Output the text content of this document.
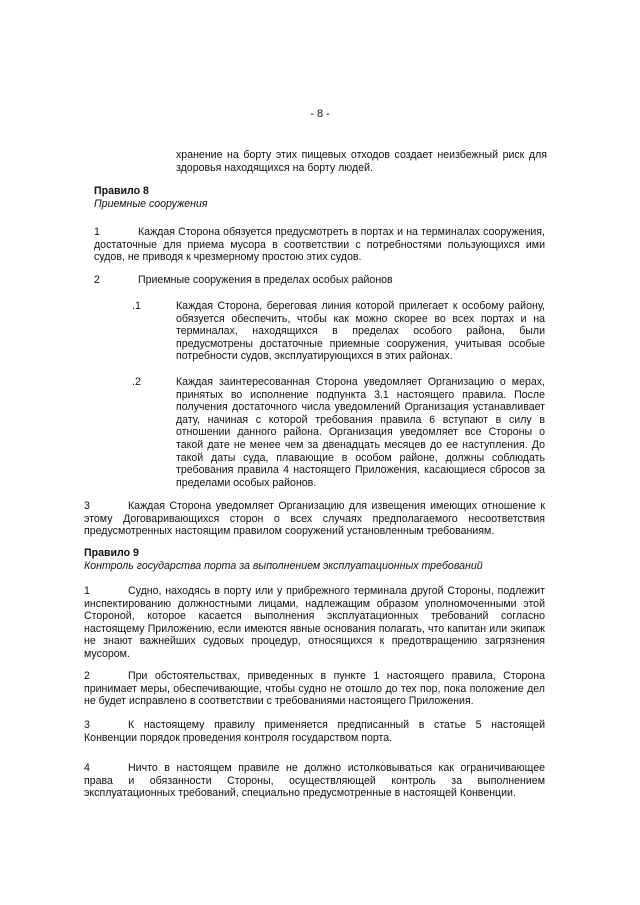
- 8 -

хранение на борту этих пищевых отходов создает неизбежный риск для здоровья находящихся на борту людей.

Правило 8

Приемные сооружения

1	Каждая Сторона обязуется предусмотреть в портах и на терминалах сооружения, достаточные для приема мусора в соответствии с потребностями пользующихся ими судов, не приводя к чрезмерному простою этих судов.

2	Приемные сооружения в пределах особых районов

.1	Каждая Сторона, береговая линия которой прилегает к особому району, обязуется обеспечить, чтобы как можно скорее во всех портах и на терминалах, находящихся в пределах особого района, были предусмотрены достаточные приемные сооружения, учитывая особые потребности судов, эксплуатирующихся в этих районах.

.2	Каждая заинтересованная Сторона уведомляет Организацию о мерах, принятых во исполнение подпункта 3.1 настоящего правила. После получения достаточного числа уведомлений Организация устанавливает дату, начиная с которой требования правила 6 вступают в силу в отношении данного района. Организация уведомляет все Стороны о такой дате не менее чем за двенадцать месяцев до ее наступления. До такой даты суда, плавающие в особом районе, должны соблюдать требования правила 4 настоящего Приложения, касающиеся сбросов за пределами особых районов.

3	Каждая Сторона уведомляет Организацию для извещения имеющих отношение к этому Договаривающихся сторон о всех случаях предполагаемого несоответствия предусмотренных настоящим правилом сооружений установленным требованиям.

Правило 9

Контроль государства порта за выполнением эксплуатационных требований

1	Судно, находясь в порту или у прибрежного терминала другой Стороны, подлежит инспектированию должностными лицами, надлежащим образом уполномоченными этой Стороной, которое касается выполнения эксплуатационных требований согласно настоящему Приложению, если имеются явные основания полагать, что капитан или экипаж не знают важнейших судовых процедур, относящихся к предотвращению загрязнения мусором.

2	При обстоятельствах, приведенных в пункте 1 настоящего правила, Сторона принимает меры, обеспечивающие, чтобы судно не отошло до тех пор, пока положение дел не будет исправлено в соответствии с требованиями настоящего Приложения.

3	К настоящему правилу применяется предписанный в статье 5 настоящей Конвенции порядок проведения контроля государством порта.

4	Ничто в настоящем правиле не должно истолковываться как ограничивающее права и обязанности Стороны, осуществляющей контроль за выполнением эксплуатационных требований, специально предусмотренные в настоящей Конвенции.
